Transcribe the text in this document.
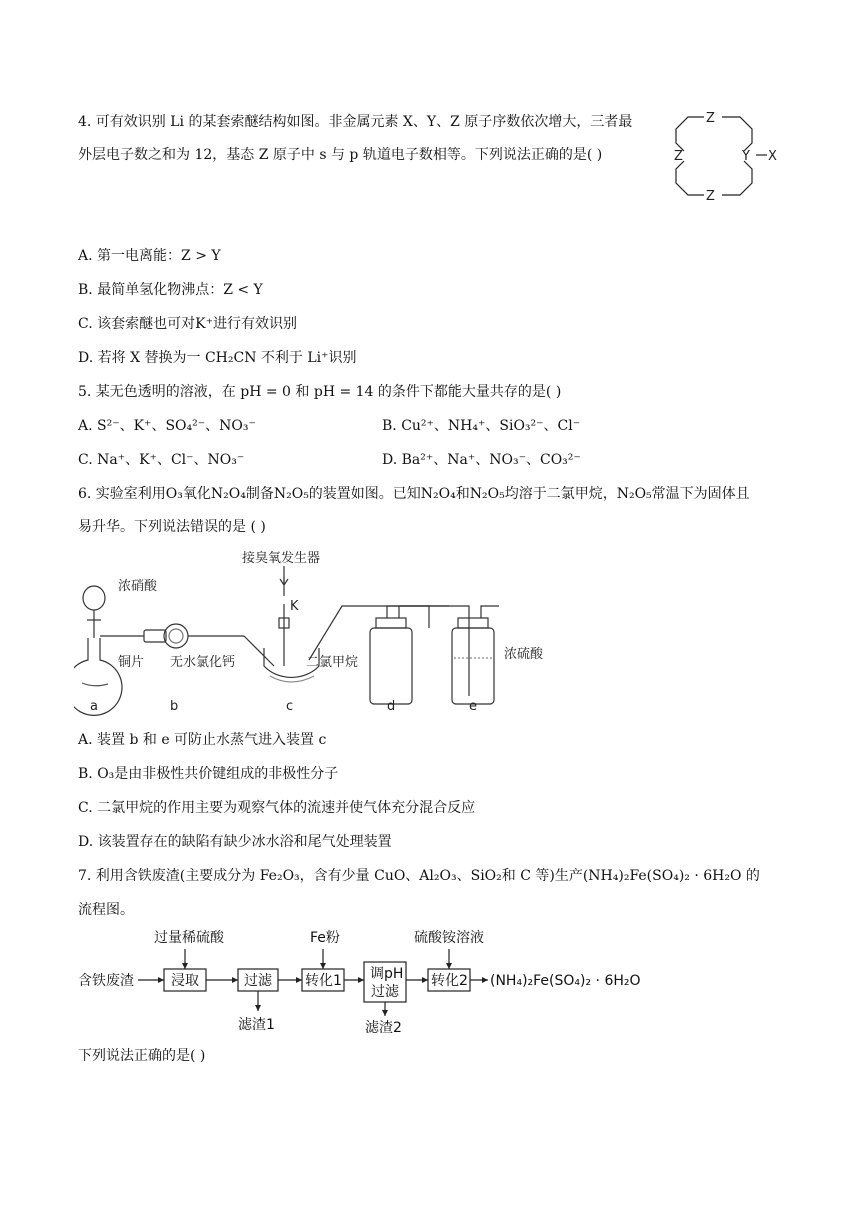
4. 可有效识别 Li 的某套索醚结构如图。非金属元素 X、Y、Z 原子序数依次增大，三者最
外层电子数之和为 12，基态 Z 原子中 s 与 p 轨道电子数相等。下列说法正确的是( )
Z
Z
Z
Y X
A. 第一电离能：Z > Y
B. 最简单氢化物沸点：Z < Y
C. 该套索醚也可对K⁺进行有效识别
D. 若将 X 替换为一 CH₂CN 不利于 Li⁺识别
5. 某无色透明的溶液，在 pH = 0 和 pH = 14 的条件下都能大量共存的是( )
A. S²⁻、K⁺、SO₄²⁻、NO₃⁻	B. Cu²⁺、NH₄⁺、SiO₃²⁻、Cl⁻
C. Na⁺、K⁺、Cl⁻、NO₃⁻	D. Ba²⁺、Na⁺、NO₃⁻、CO₃²⁻
6. 实验室利用O₃氧化N₂O₄制备N₂O₅的装置如图。已知N₂O₄和N₂O₅均溶于二氯甲烷，N₂O₅常温下为固体且
易升华。下列说法错误的是 ( )
接臭氧发生器
K
浓硝酸
铜片 无水氯化钙	二氯甲烷
浓硫酸
a	b	c	d	e
A. 装置 b 和 e 可防止水蒸气进入装置 c
B. O₃是由非极性共价键组成的非极性分子
C. 二氯甲烷的作用主要为观察气体的流速并使气体充分混合反应
D. 该装置存在的缺陷有缺少冰水浴和尾气处理装置
7. 利用含铁废渣(主要成分为 Fe₂O₃，含有少量 CuO、Al₂O₃、SiO₂和 C 等)生产(NH₄)₂Fe(SO₄)₂ · 6H₂O 的
流程图。
含铁废渣
过量稀硫酸
浸取	过滤
滤渣1
Fe粉
转化1 调pH
过滤
滤渣2
硫酸铵溶液
转化2 (NH₄)₂Fe(SO₄)₂ · 6H₂O
下列说法正确的是( )
